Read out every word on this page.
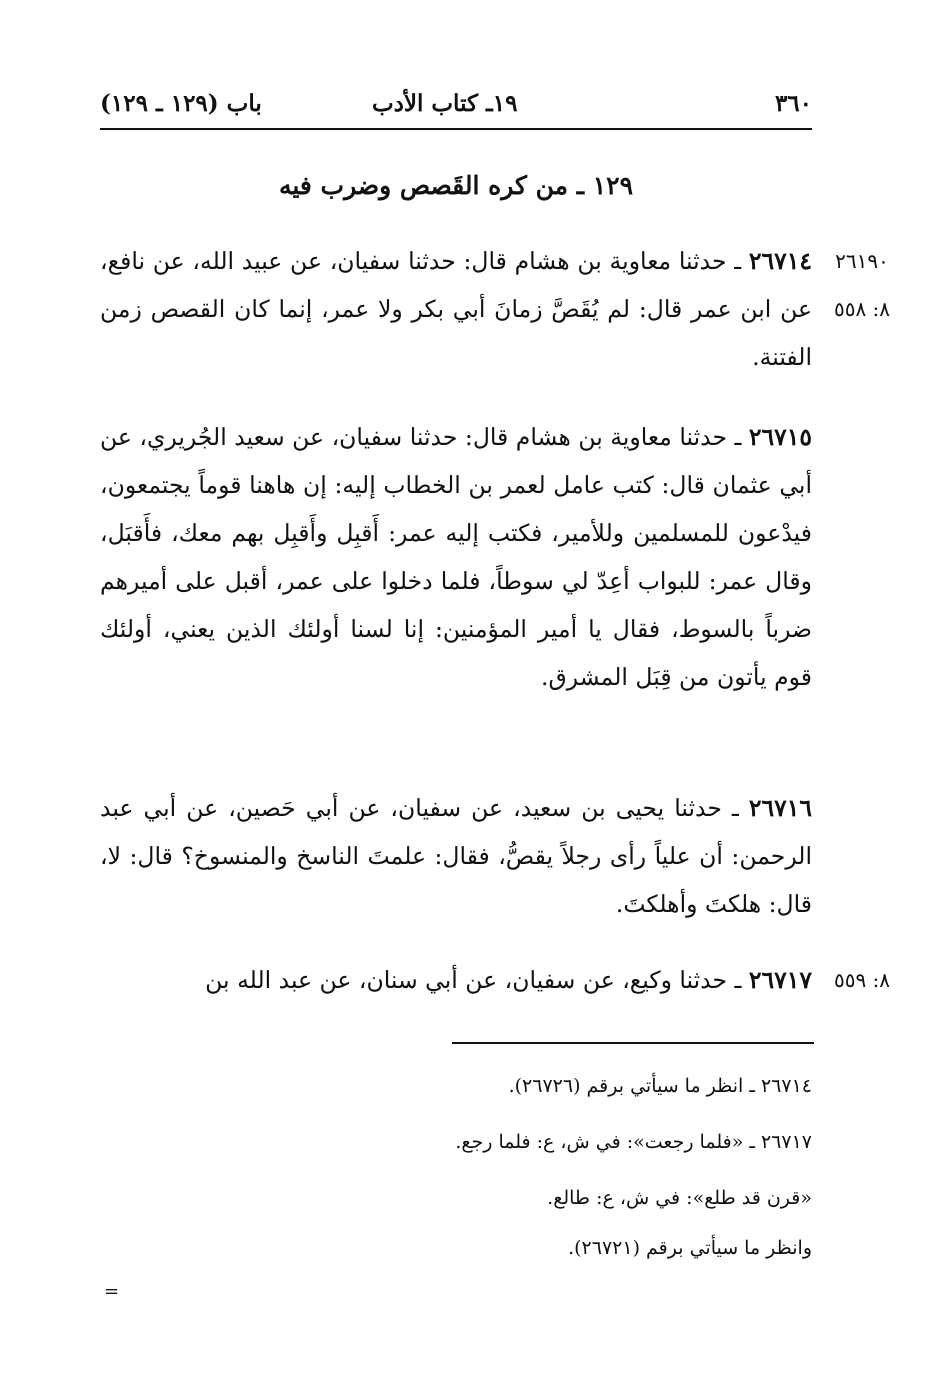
٣٦٠
١٩ـ كتاب الأدب
باب (١٢٩ ـ ١٢٩)
١٢٩ ـ من كره القَصص وضرب فيه
٢٦١٩٠
٨: ٥٥٨
٨: ٥٥٩
٢٦٧١٤ ـ حدثنا معاوية بن هشام قال: حدثنا سفيان، عن عبيد الله، عن نافع، عن ابن عمر قال: لم يُقَصَّ زمانَ أبي بكر ولا عمر، إنما كان القصص زمن الفتنة.
٢٦٧١٥ ـ حدثنا معاوية بن هشام قال: حدثنا سفيان، عن سعيد الجُريري، عن أبي عثمان قال: كتب عامل لعمر بن الخطاب إليه: إن هاهنا قوماً يجتمعون، فيدْعون للمسلمين وللأمير، فكتب إليه عمر: أَقبِل وأَقبِل بهم معك، فأَقبَل، وقال عمر: للبواب أعِدّ لي سوطاً، فلما دخلوا على عمر، أقبل على أميرهم ضرباً بالسوط، فقال يا أمير المؤمنين: إنا لسنا أولئك الذين يعني، أولئك قوم يأتون من قِبَل المشرق.
٢٦٧١٦ ـ حدثنا يحيى بن سعيد، عن سفيان، عن أبي حَصين، عن أبي عبد الرحمن: أن علياً رأى رجلاً يقصُّ، فقال: علمتَ الناسخ والمنسوخ؟ قال: لا، قال: هلكتَ وأهلكتَ.
٢٦٧١٧ ـ حدثنا وكيع، عن سفيان، عن أبي سنان، عن عبد الله بن
٢٦٧١٤ ـ انظر ما سيأتي برقم (٢٦٧٢٦).
٢٦٧١٧ ـ «فلما رجعت»: في ش، ع: فلما رجع.
«قرن قد طلع»: في ش، ع: طالع.
وانظر ما سيأتي برقم (٢٦٧٢١).
=
